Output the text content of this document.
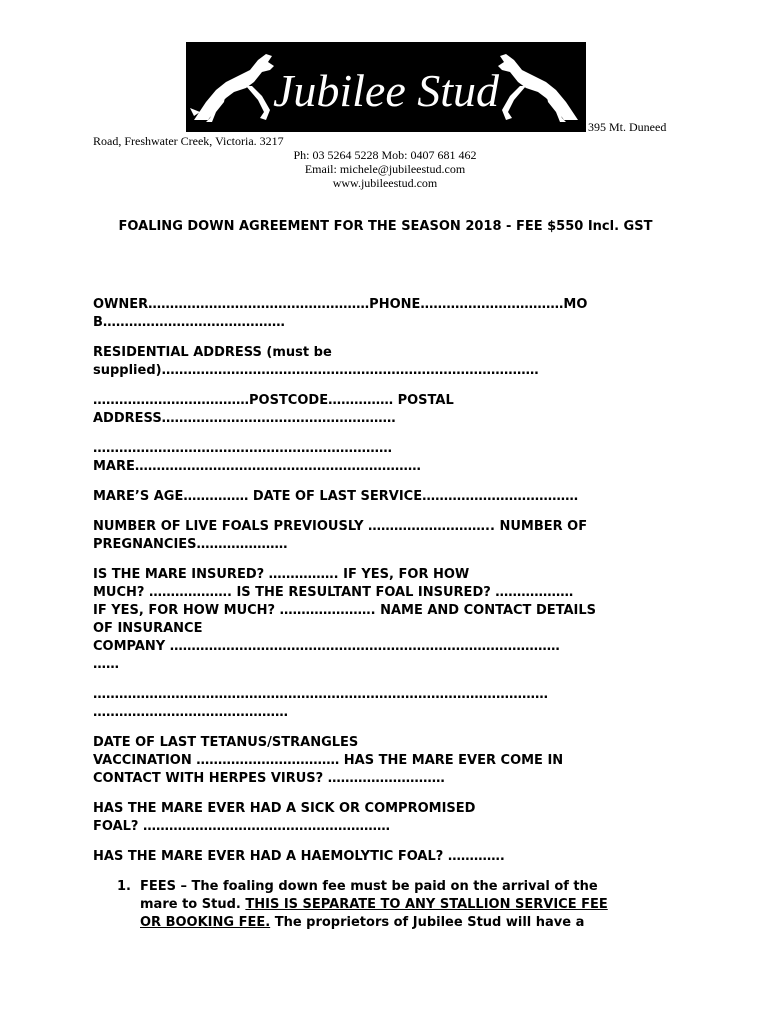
Jubilee Stud
395 Mt. Duneed
Road, Freshwater Creek, Victoria. 3217
Ph: 03 5264 5228 Mob: 0407 681 462
Email: michele@jubileestud.com
www.jubileestud.com
FOALING DOWN AGREEMENT FOR THE SEASON 2018 - FEE $550 Incl. GST
OWNER……………………………………………PHONE……………………………MO
B……………………………………
RESIDENTIAL ADDRESS (must be
supplied)……………………………………………………………………………
………………………………POSTCODE…………… POSTAL
ADDRESS………………………………………………
……………………………………………………………
MARE…………………………………………………………
MARE’S AGE…………… DATE OF LAST SERVICE………………………………
NUMBER OF LIVE FOALS PREVIOUSLY ……………………….. NUMBER OF
PREGNANCIES…………………
IS THE MARE INSURED? ……………. IF YES, FOR HOW
MUCH? ………………. IS THE RESULTANT FOAL INSURED? ………………
IF YES, FOR HOW MUCH? …………………. NAME AND CONTACT DETAILS
OF INSURANCE
COMPANY ………………………………………………………………………………
……
……………………………………………………………………………………………
………………………………………
DATE OF LAST TETANUS/STRANGLES
VACCINATION …………………………… HAS THE MARE EVER COME IN
CONTACT WITH HERPES VIRUS? ………………………
HAS THE MARE EVER HAD A SICK OR COMPROMISED
FOAL? …………………………………………………
HAS THE MARE EVER HAD A HAEMOLYTIC FOAL? ………….
1. FEES – The foaling down fee must be paid on the arrival of the
mare to Stud. THIS IS SEPARATE TO ANY STALLION SERVICE FEE
OR BOOKING FEE. The proprietors of Jubilee Stud will have a
